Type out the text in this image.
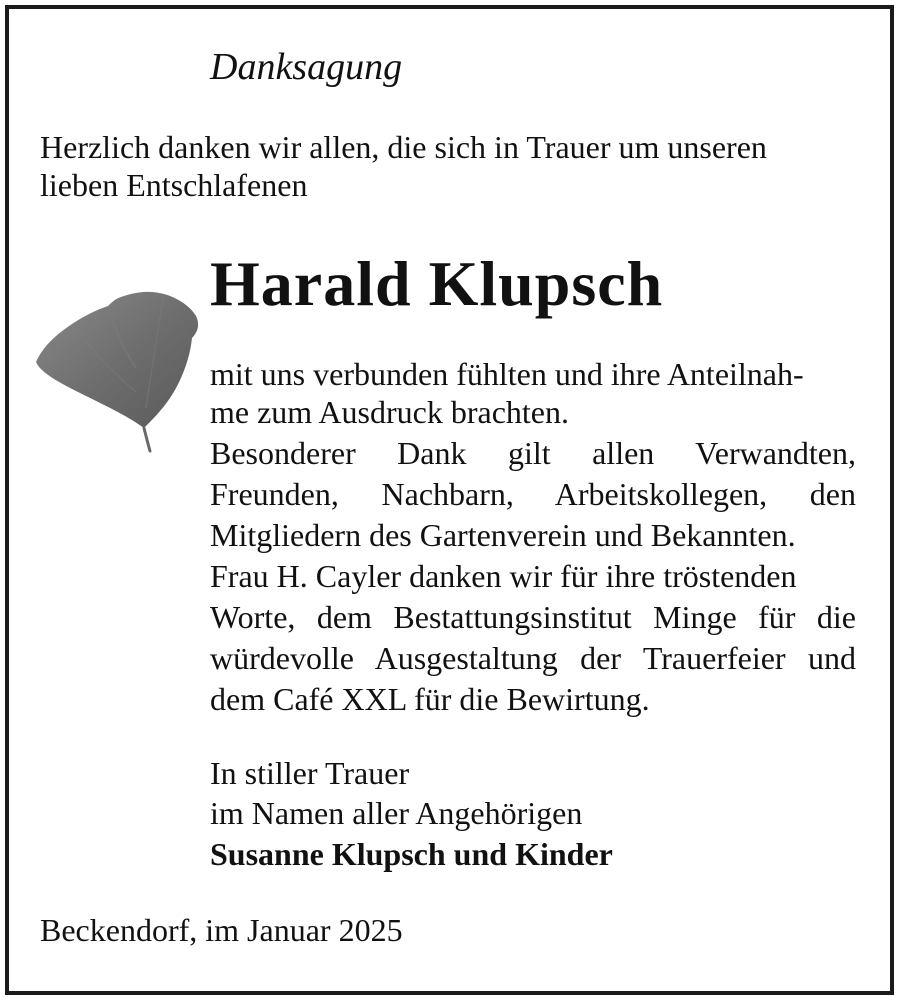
Danksagung
Herzlich danken wir allen, die sich in Trauer um unseren
lieben Entschlafenen
Harald Klupsch
mit uns verbunden fühlten und ihre Anteilnah-
me zum Ausdruck brachten.
Besonderer Dank gilt allen Verwandten,
Freunden, Nachbarn, Arbeitskollegen, den
Mitgliedern des Gartenverein und Bekannten.
Frau H. Cayler danken wir für ihre tröstenden
Worte, dem Bestattungsinstitut Minge für die
würdevolle Ausgestaltung der Trauerfeier und
dem Café XXL für die Bewirtung.
In stiller Trauer
im Namen aller Angehörigen
Susanne Klupsch und Kinder
Beckendorf, im Januar 2025
